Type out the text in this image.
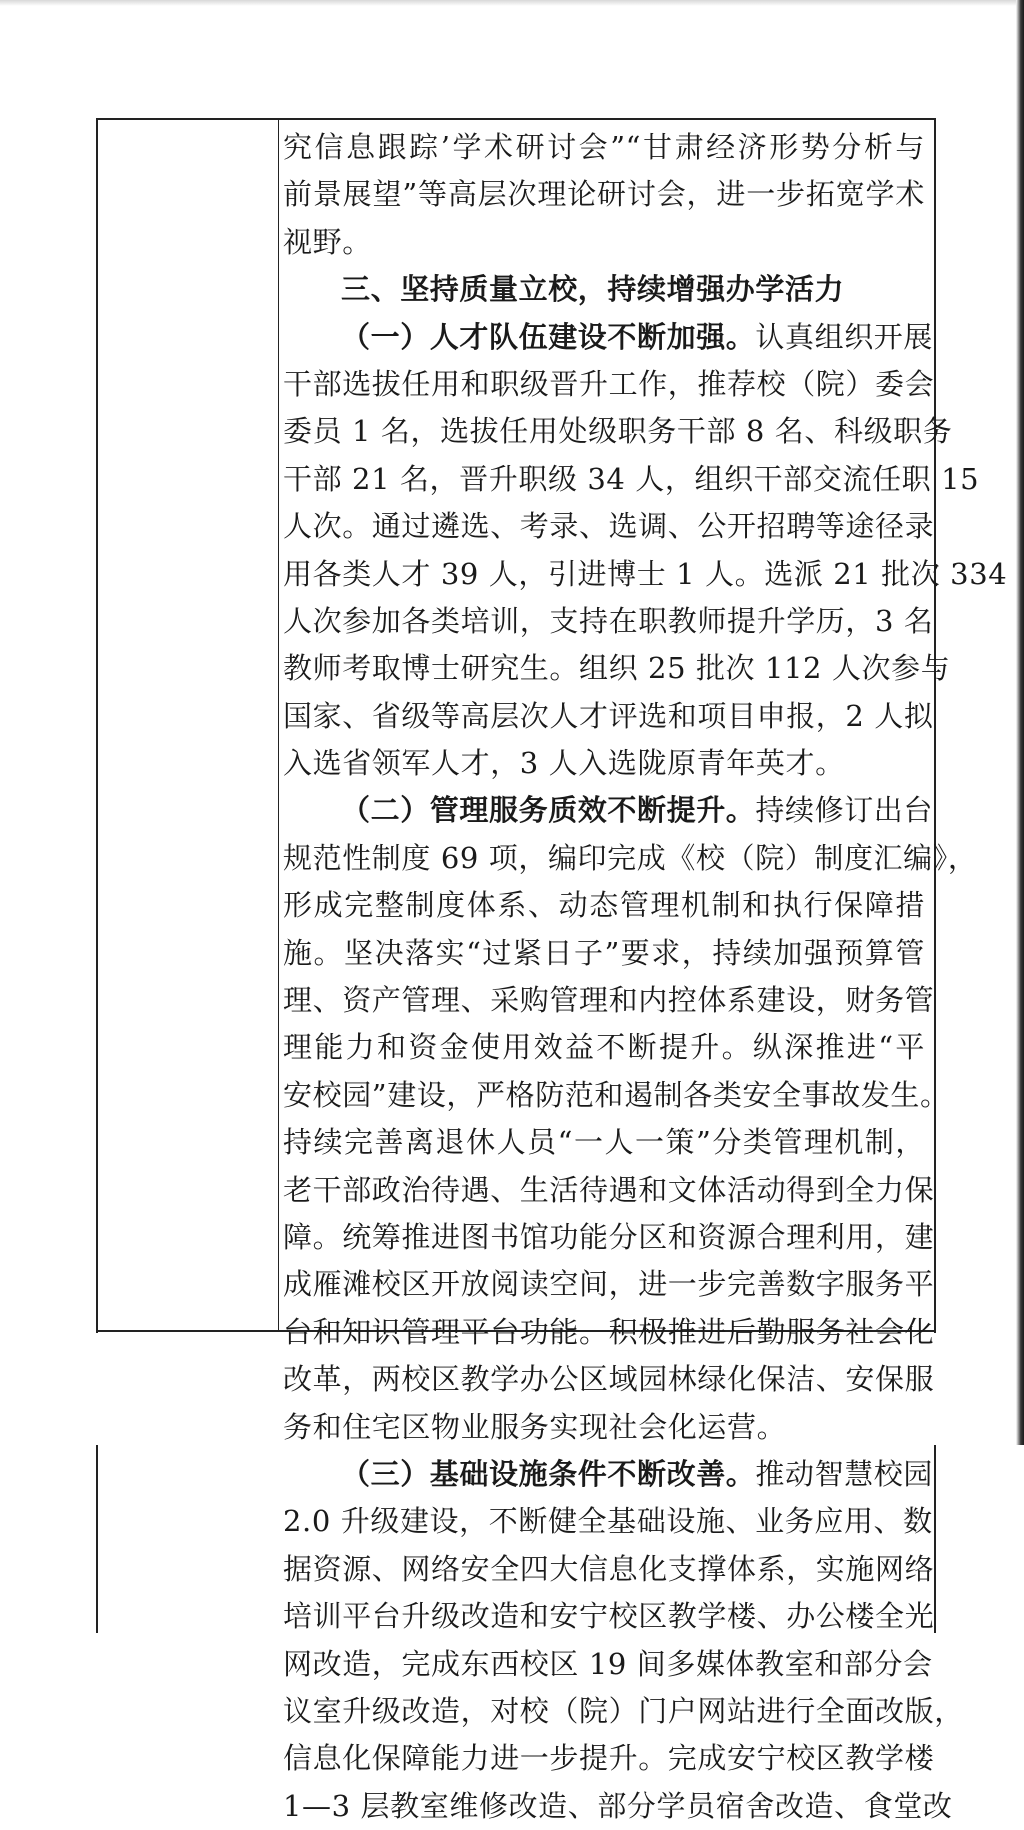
究信息跟踪’学术研讨会”“甘肃经济形势分析与
前景展望”等高层次理论研讨会，进一步拓宽学术
视野。
三、坚持质量立校，持续增强办学活力
（一）人才队伍建设不断加强。认真组织开展
干部选拔任用和职级晋升工作，推荐校（院）委会
委员 1 名，选拔任用处级职务干部 8 名、科级职务
干部 21 名，晋升职级 34 人，组织干部交流任职 15
人次。通过遴选、考录、选调、公开招聘等途径录
用各类人才 39 人，引进博士 1 人。选派 21 批次 334
人次参加各类培训，支持在职教师提升学历，3 名
教师考取博士研究生。组织 25 批次 112 人次参与
国家、省级等高层次人才评选和项目申报，2 人拟
入选省领军人才，3 人入选陇原青年英才。
（二）管理服务质效不断提升。持续修订出台
规范性制度 69 项，编印完成《校（院）制度汇编》，
形成完整制度体系、动态管理机制和执行保障措
施。坚决落实“过紧日子”要求，持续加强预算管
理、资产管理、采购管理和内控体系建设，财务管
理能力和资金使用效益不断提升。纵深推进“平
安校园”建设，严格防范和遏制各类安全事故发生。
持续完善离退休人员“一人一策”分类管理机制，
老干部政治待遇、生活待遇和文体活动得到全力保
障。统筹推进图书馆功能分区和资源合理利用，建
成雁滩校区开放阅读空间，进一步完善数字服务平
台和知识管理平台功能。积极推进后勤服务社会化
改革，两校区教学办公区域园林绿化保洁、安保服
务和住宅区物业服务实现社会化运营。
（三）基础设施条件不断改善。推动智慧校园
2.0 升级建设，不断健全基础设施、业务应用、数
据资源、网络安全四大信息化支撑体系，实施网络
培训平台升级改造和安宁校区教学楼、办公楼全光
网改造，完成东西校区 19 间多媒体教室和部分会
议室升级改造，对校（院）门户网站进行全面改版，
信息化保障能力进一步提升。完成安宁校区教学楼
1—3 层教室维修改造、部分学员宿舍改造、食堂改
